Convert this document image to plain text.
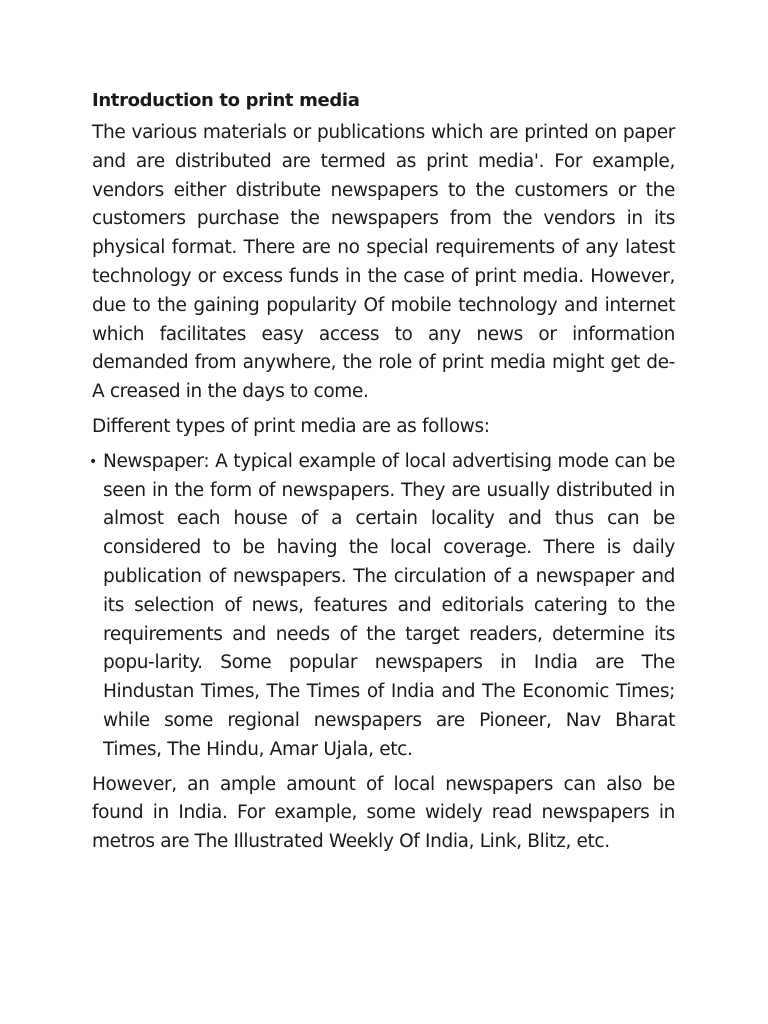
Introduction to print media

The various materials or publications which are printed on paper and are distributed are termed as print media'. For example, vendors either distribute newspapers to the customers or the customers purchase the newspapers from the vendors in its physical format. There are no special requirements of any latest technology or excess funds in the case of print media. However, due to the gaining popularity Of mobile technology and internet which facilitates easy access to any news or information demanded from anywhere, the role of print media might get de- A creased in the days to come.

Different types of print media are as follows:

• Newspaper: A typical example of local advertising mode can be seen in the form of newspapers. They are usually distributed in almost each house of a certain locality and thus can be considered to be having the local coverage. There is daily publication of newspapers. The circulation of a newspaper and its selection of news, features and editorials catering to the requirements and needs of the target readers, determine its popu-larity. Some popular newspapers in India are The Hindustan Times, The Times of India and The Economic Times; while some regional newspapers are Pioneer, Nav Bharat Times, The Hindu, Amar Ujala, etc.

However, an ample amount of local newspapers can also be found in India. For example, some widely read newspapers in metros are The Illustrated Weekly Of India, Link, Blitz, etc.
